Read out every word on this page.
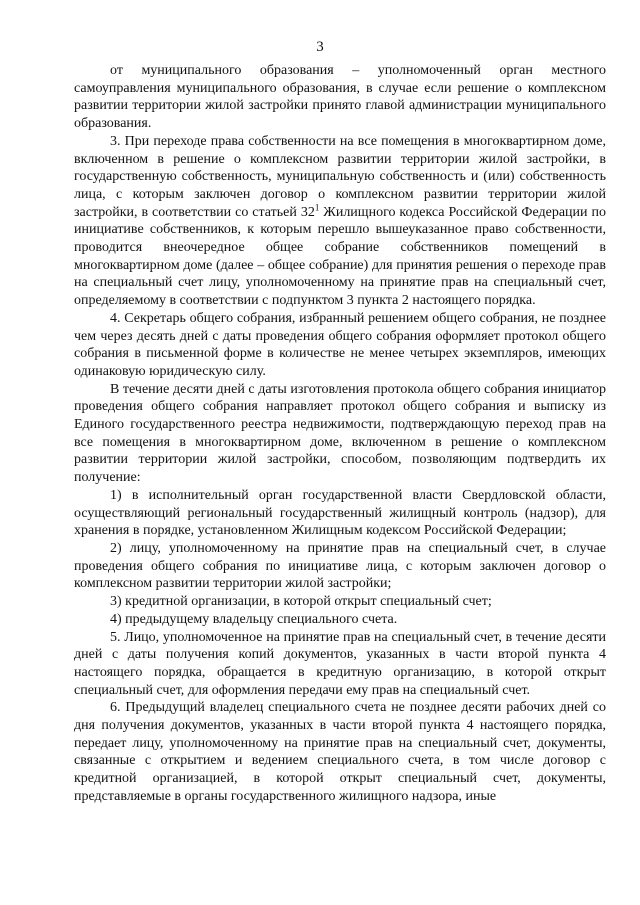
3

от муниципального образования – уполномоченный орган местного самоуправления муниципального образования, в случае если решение о комплексном развитии территории жилой застройки принято главой администрации муниципального образования.

3. При переходе права собственности на все помещения в многоквартирном доме, включенном в решение о комплексном развитии территории жилой застройки, в государственную собственность, муниципальную собственность и (или) собственность лица, с которым заключен договор о комплексном развитии территории жилой застройки, в соответствии со статьей $32^1$ Жилищного кодекса Российской Федерации по инициативе собственников, к которым перешло вышеуказанное право собственности, проводится внеочередное общее собрание собственников помещений в многоквартирном доме (далее – общее собрание) для принятия решения о переходе прав на специальный счет лицу, уполномоченному на принятие прав на специальный счет, определяемому в соответствии с подпунктом 3 пункта 2 настоящего порядка.

4. Секретарь общего собрания, избранный решением общего собрания, не позднее чем через десять дней с даты проведения общего собрания оформляет протокол общего собрания в письменной форме в количестве не менее четырех экземпляров, имеющих одинаковую юридическую силу.

В течение десяти дней с даты изготовления протокола общего собрания инициатор проведения общего собрания направляет протокол общего собрания и выписку из Единого государственного реестра недвижимости, подтверждающую переход прав на все помещения в многоквартирном доме, включенном в решение о комплексном развитии территории жилой застройки, способом, позволяющим подтвердить их получение:

1) в исполнительный орган государственной власти Свердловской области, осуществляющий региональный государственный жилищный контроль (надзор), для хранения в порядке, установленном Жилищным кодексом Российской Федерации;

2) лицу, уполномоченному на принятие прав на специальный счет, в случае проведения общего собрания по инициативе лица, с которым заключен договор о комплексном развитии территории жилой застройки;

3) кредитной организации, в которой открыт специальный счет;

4) предыдущему владельцу специального счета.

5. Лицо, уполномоченное на принятие прав на специальный счет, в течение десяти дней с даты получения копий документов, указанных в части второй пункта 4 настоящего порядка, обращается в кредитную организацию, в которой открыт специальный счет, для оформления передачи ему прав на специальный счет.

6. Предыдущий владелец специального счета не позднее десяти рабочих дней со дня получения документов, указанных в части второй пункта 4 настоящего порядка, передает лицу, уполномоченному на принятие прав на специальный счет, документы, связанные с открытием и ведением специального счета, в том числе договор с кредитной организацией, в которой открыт специальный счет, документы, представляемые в органы государственного жилищного надзора, иные
